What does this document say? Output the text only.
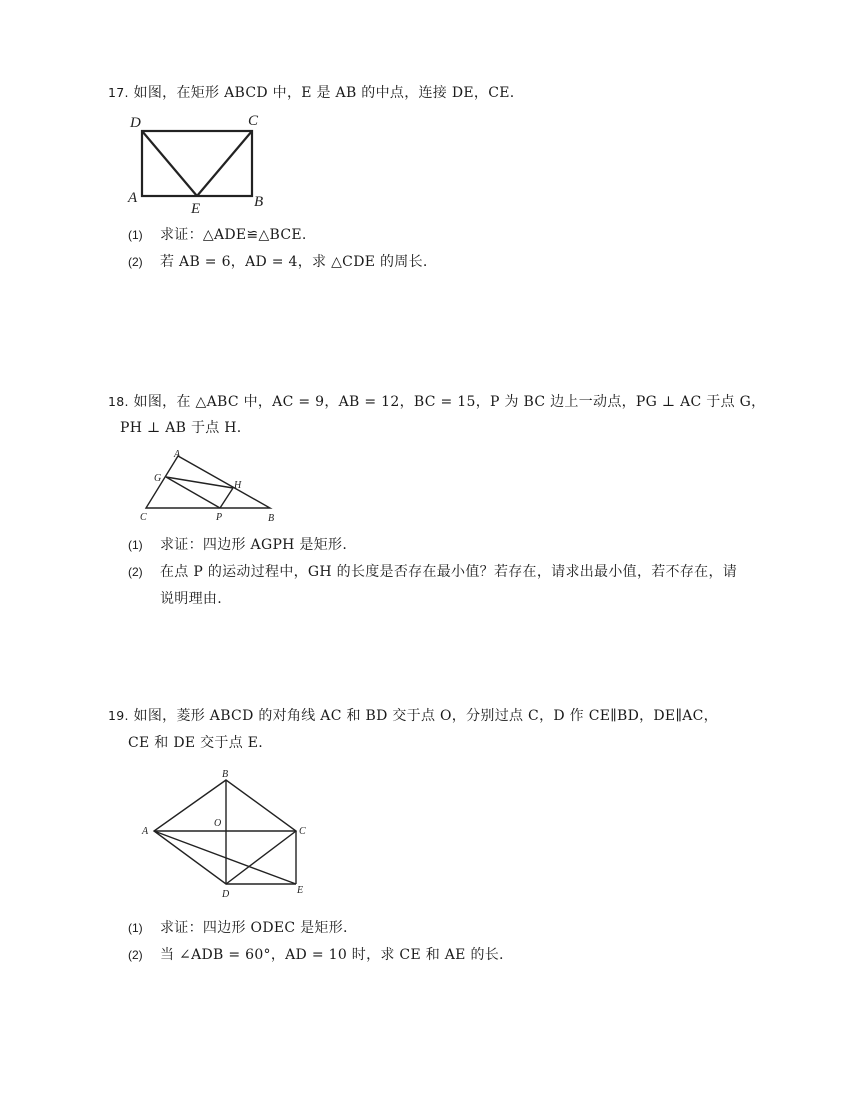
17. 如图，在矩形 ABCD 中，E 是 AB 的中点，连接 DE，CE.
D	C
A
E	B
(1) 求证：△ADE≌△BCE.
(2) 若 AB = 6，AD = 4，求 △CDE 的周长.
18. 如图，在 △ABC 中，AC = 9，AB = 12，BC = 15，P 为 BC 边上一动点，PG ⊥ AC 于点 G，
PH ⊥ AB 于点 H.
A
G
H
C	P	B
(1) 求证：四边形 AGPH 是矩形.
(2) 在点 P 的运动过程中，GH 的长度是否存在最小值？若存在，请求出最小值，若不存在，请
说明理由.
19. 如图，菱形 ABCD 的对角线 AC 和 BD 交于点 O，分别过点 C，D 作 CE∥BD，DE∥AC，
CE 和 DE 交于点 E.
B
A
O
C
D	E
(1) 求证：四边形 ODEC 是矩形.
(2) 当 ∠ADB = 60°，AD = 10 时，求 CE 和 AE 的长.
